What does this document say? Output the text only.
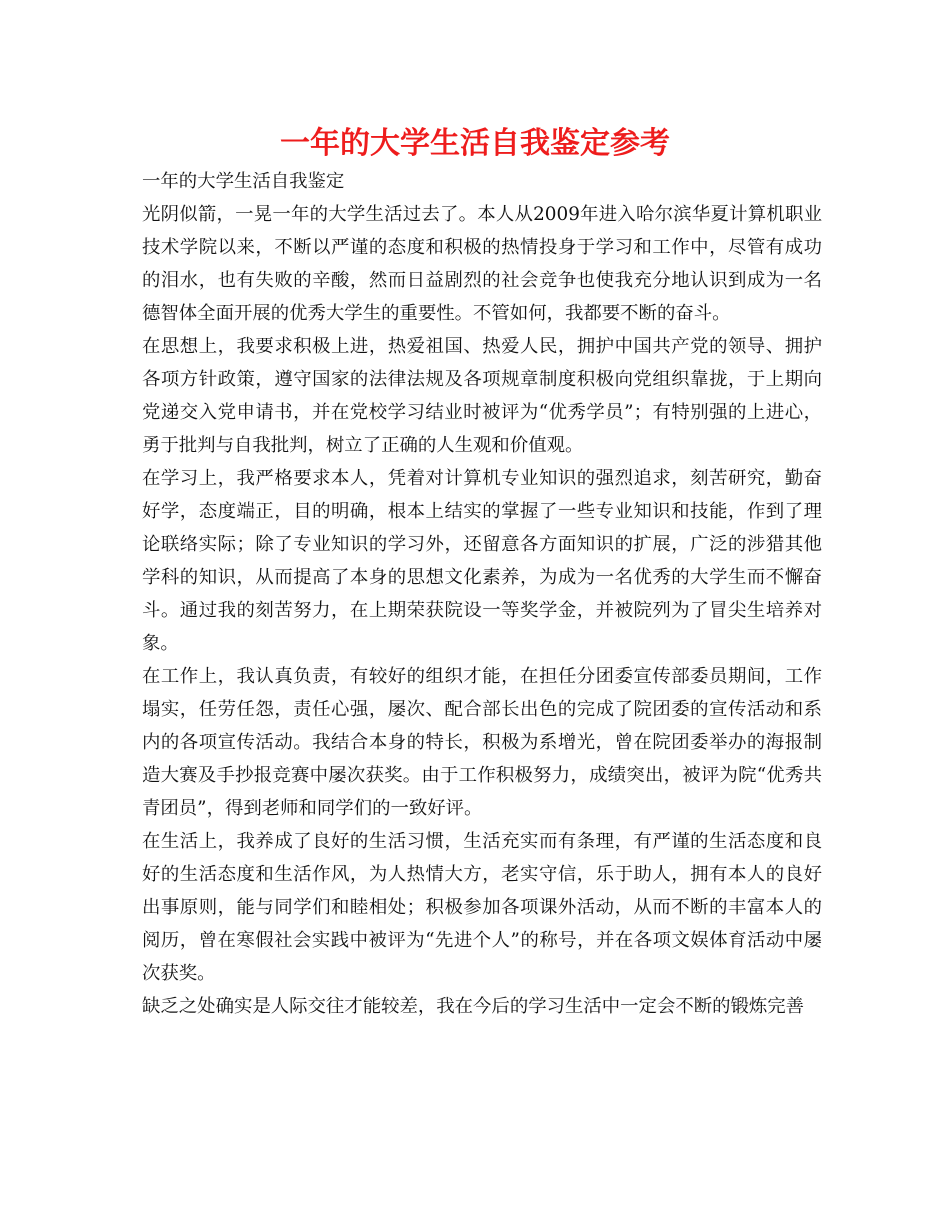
一年的大学生活自我鉴定参考

一年的大学生活自我鉴定

光阴似箭，一晃一年的大学生活过去了。本人从2009年进入哈尔滨华夏计算机职业技术学院以来，不断以严谨的态度和积极的热情投身于学习和工作中，尽管有成功的泪水，也有失败的辛酸，然而日益剧烈的社会竞争也使我充分地认识到成为一名德智体全面开展的优秀大学生的重要性。不管如何，我都要不断的奋斗。

在思想上，我要求积极上进，热爱祖国、热爱人民，拥护中国共产党的领导、拥护各项方针政策，遵守国家的法律法规及各项规章制度积极向党组织靠拢，于上期向党递交入党申请书，并在党校学习结业时被评为“优秀学员”；有特别强的上进心，勇于批判与自我批判，树立了正确的人生观和价值观。

在学习上，我严格要求本人，凭着对计算机专业知识的强烈追求，刻苦研究，勤奋好学，态度端正，目的明确，根本上结实的掌握了一些专业知识和技能，作到了理论联络实际；除了专业知识的学习外，还留意各方面知识的扩展，广泛的涉猎其他学科的知识，从而提高了本身的思想文化素养，为成为一名优秀的大学生而不懈奋斗。通过我的刻苦努力，在上期荣获院设一等奖学金，并被院列为了冒尖生培养对象。

在工作上，我认真负责，有较好的组织才能，在担任分团委宣传部委员期间，工作塌实，任劳任怨，责任心强，屡次、配合部长出色的完成了院团委的宣传活动和系内的各项宣传活动。我结合本身的特长，积极为系增光，曾在院团委举办的海报制造大赛及手抄报竞赛中屡次获奖。由于工作积极努力，成绩突出，被评为院“优秀共青团员”，得到老师和同学们的一致好评。

在生活上，我养成了良好的生活习惯，生活充实而有条理，有严谨的生活态度和良好的生活态度和生活作风，为人热情大方，老实守信，乐于助人，拥有本人的良好出事原则，能与同学们和睦相处；积极参加各项课外活动，从而不断的丰富本人的阅历，曾在寒假社会实践中被评为“先进个人”的称号，并在各项文娱体育活动中屡次获奖。

缺乏之处确实是人际交往才能较差，我在今后的学习生活中一定会不断的锻炼完善
